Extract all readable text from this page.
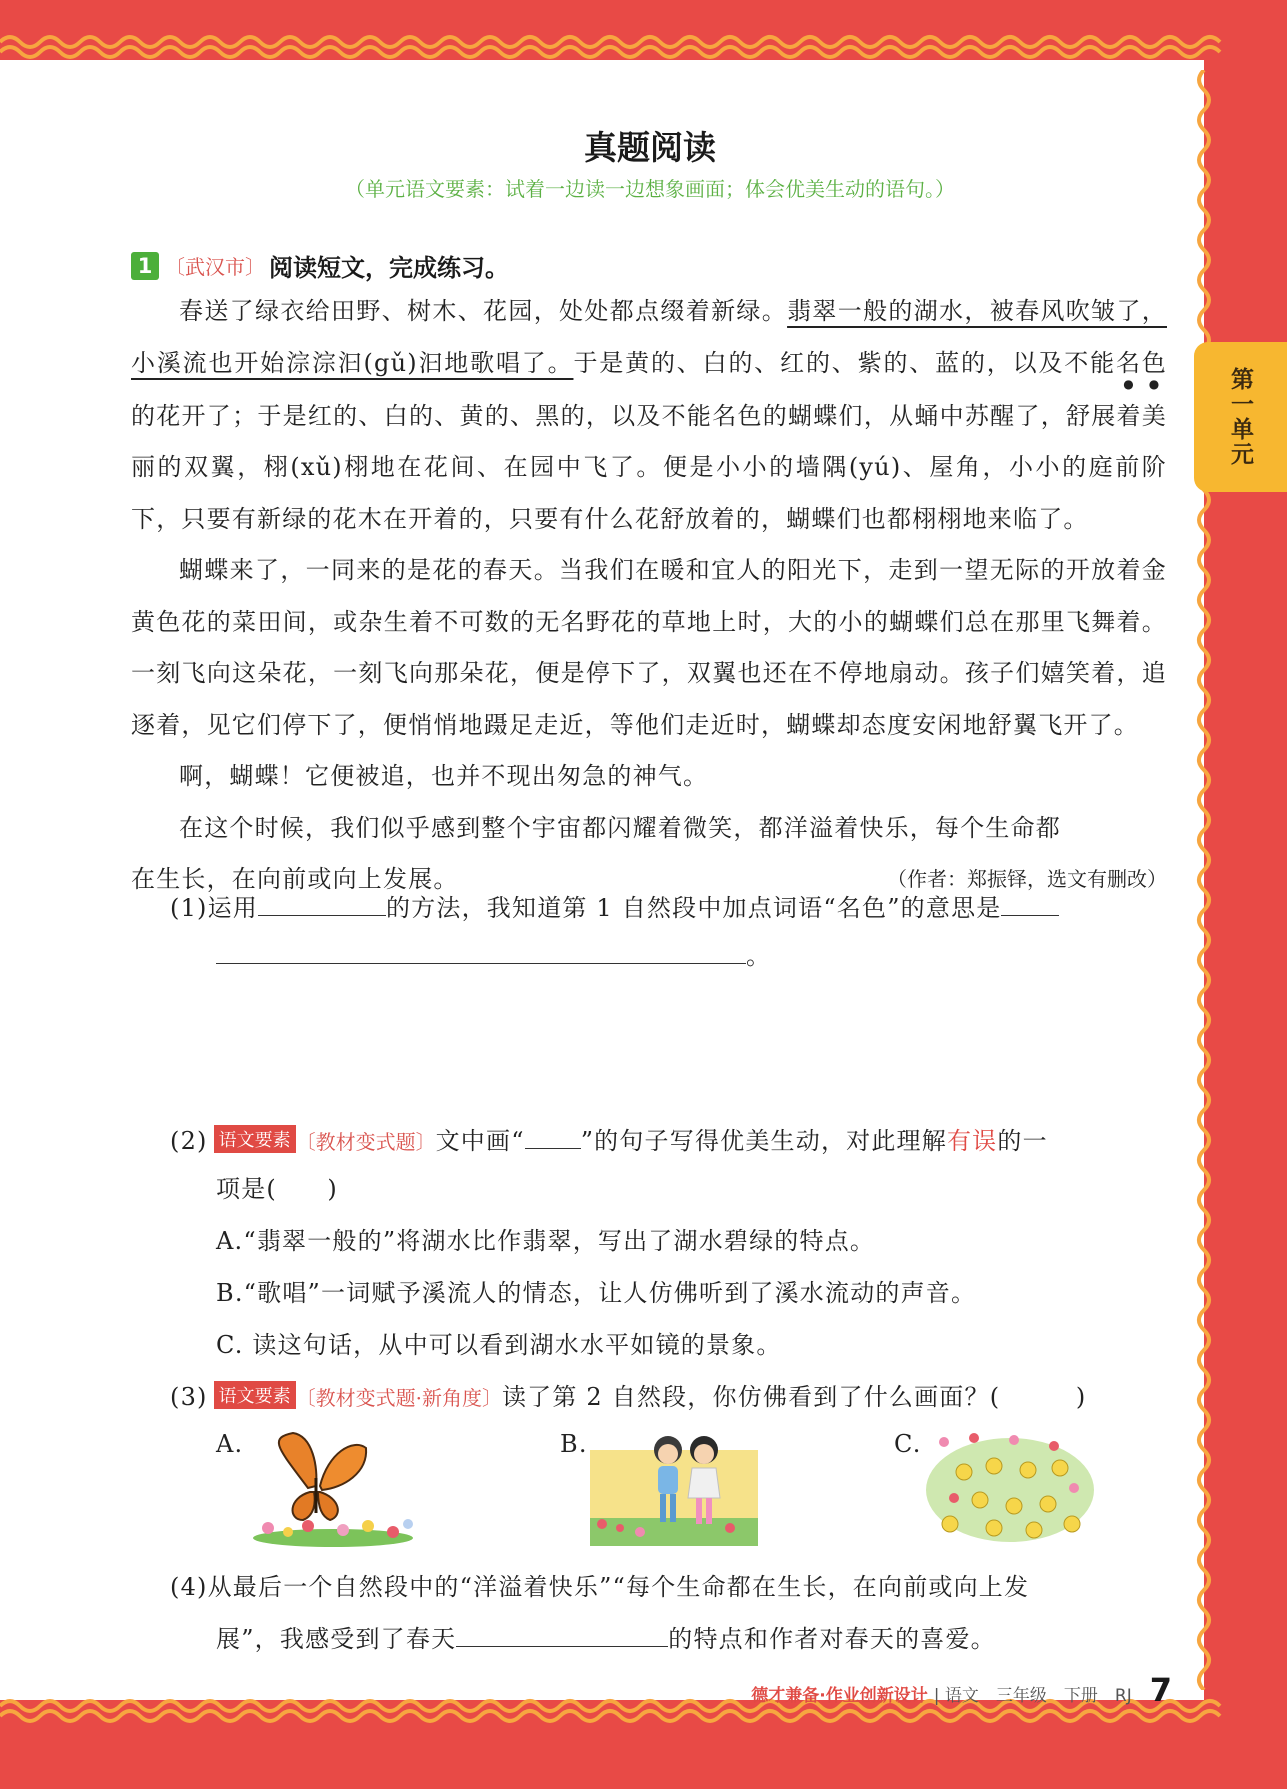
第一单元
真题阅读
（单元语文要素：试着一边读一边想象画面；体会优美生动的语句。）
1 〔武汉市〕 阅读短文，完成练习。

春送了绿衣给田野、树木、花园，处处都点缀着新绿。翡翠一般的湖水，被春风吹皱了，小溪流也开始淙淙汩(gǔ)汩地歌唱了。于是黄的、白的、红的、紫的、蓝的，以及不能名色的花开了；于是红的、白的、黄的、黑的，以及不能名色的蝴蝶们，从蛹中苏醒了，舒展着美丽的双翼，栩(xǔ)栩地在花间、在园中飞了。便是小小的墙隅(yú)、屋角，小小的庭前阶下，只要有新绿的花木在开着的，只要有什么花舒放着的，蝴蝶们也都栩栩地来临了。

蝴蝶来了，一同来的是花的春天。当我们在暖和宜人的阳光下，走到一望无际的开放着金黄色花的菜田间，或杂生着不可数的无名野花的草地上时，大的小的蝴蝶们总在那里飞舞着。一刻飞向这朵花，一刻飞向那朵花，便是停下了，双翼也还在不停地扇动。孩子们嬉笑着，追逐着，见它们停下了，便悄悄地蹑足走近，等他们走近时，蝴蝶却态度安闲地舒翼飞开了。

啊，蝴蝶！它便被追，也并不现出匆急的神气。

在这个时候，我们似乎感到整个宇宙都闪耀着微笑，都洋溢着快乐，每个生命都

在生长，在向前或向上发展。	（作者：郑振铎，选文有删改）
(1)运用	的方法，我知道第 1 自然段中加点词语“名色”的意思是
。
(2) 语文要素 〔教材变式题〕文中画“ ”的句子写得优美生动，对此理解有误的一
项是(　　)
A.“翡翠一般的”将湖水比作翡翠，写出了湖水碧绿的特点。
B.“歌唱”一词赋予溪流人的情态，让人仿佛听到了溪水流动的声音。
C. 读这句话，从中可以看到湖水水平如镜的景象。
(3) 语文要素 〔教材变式题·新角度〕读了第 2 自然段，你仿佛看到了什么画面？(　　　)
A.	B.	C.
(4)从最后一个自然段中的“洋溢着快乐”“每个生命都在生长，在向前或向上发
展”，我感受到了春天	的特点和作者对春天的喜爱。
德才兼备·作业创新设计 | 语文　三年级　下册　RJ 7
